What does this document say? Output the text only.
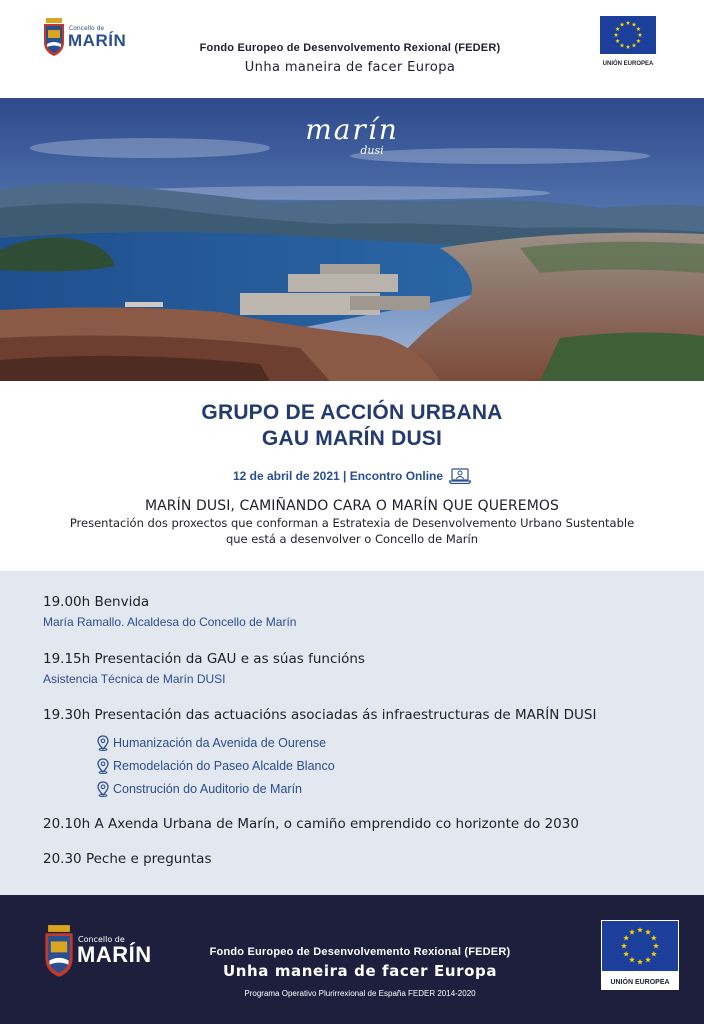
Concello de
MARÍN	Fondo Europeo de Desenvolvemento Rexional (FEDER)
Unha maneira de facer Europa	UNIÓN EUROPEA
marín
dusi
GRUPO DE ACCIÓN URBANA
GAU MARÍN DUSI
12 de abril de 2021 | Encontro Online
MARÍN DUSI, CAMIÑANDO CARA O MARÍN QUE QUEREMOS
Presentación dos proxectos que conforman a Estratexia de Desenvolvemento Urbano Sustentable
que está a desenvolver o Concello de Marín
19.00h Benvida
María Ramallo. Alcaldesa do Concello de Marín
19.15h Presentación da GAU e as súas funcións
Asistencia Técnica de Marín DUSI
19.30h Presentación das actuacións asociadas ás infraestructuras de MARÍN DUSI
Humanización da Avenida de Ourense
Remodelación do Paseo Alcalde Blanco
Construción do Auditorio de Marín
20.10h A Axenda Urbana de Marín, o camiño emprendido co horizonte do 2030
20.30 Peche e preguntas
Concello de
MARÍN	Fondo Europeo de Desenvolvemento Rexional (FEDER)
Unha maneira de facer Europa
Programa Operativo Plurirrexional de España FEDER 2014-2020
UNIÓN EUROPEA
